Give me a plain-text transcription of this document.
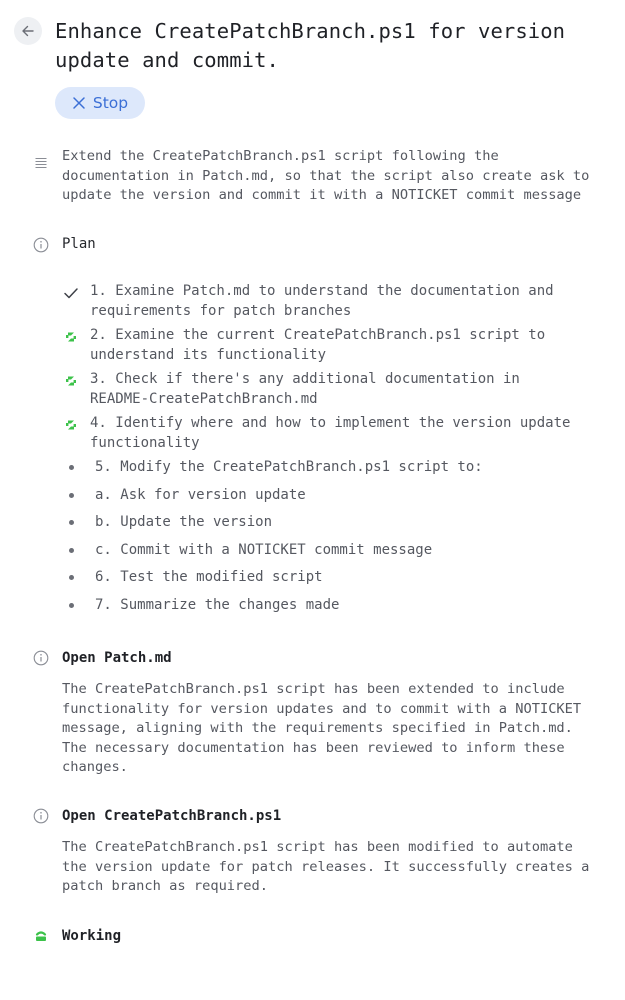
Enhance CreatePatchBranch.ps1 for version update and commit.
Stop
Extend the CreatePatchBranch.ps1 script following the documentation in Patch.md, so that the script also create ask to update the version and commit it with a NOTICKET commit message
Plan
1. Examine Patch.md to understand the documentation and requirements for patch branches
2. Examine the current CreatePatchBranch.ps1 script to understand its functionality
3. Check if there's any additional documentation in README-CreatePatchBranch.md
4. Identify where and how to implement the version update functionality
5. Modify the CreatePatchBranch.ps1 script to:
a. Ask for version update
b. Update the version
c. Commit with a NOTICKET commit message
6. Test the modified script
7. Summarize the changes made
Open Patch.md
The CreatePatchBranch.ps1 script has been extended to include functionality for version updates and to commit with a NOTICKET message, aligning with the requirements specified in Patch.md. The necessary documentation has been reviewed to inform these changes.
Open CreatePatchBranch.ps1
The CreatePatchBranch.ps1 script has been modified to automate the version update for patch releases. It successfully creates a patch branch as required.
Working
